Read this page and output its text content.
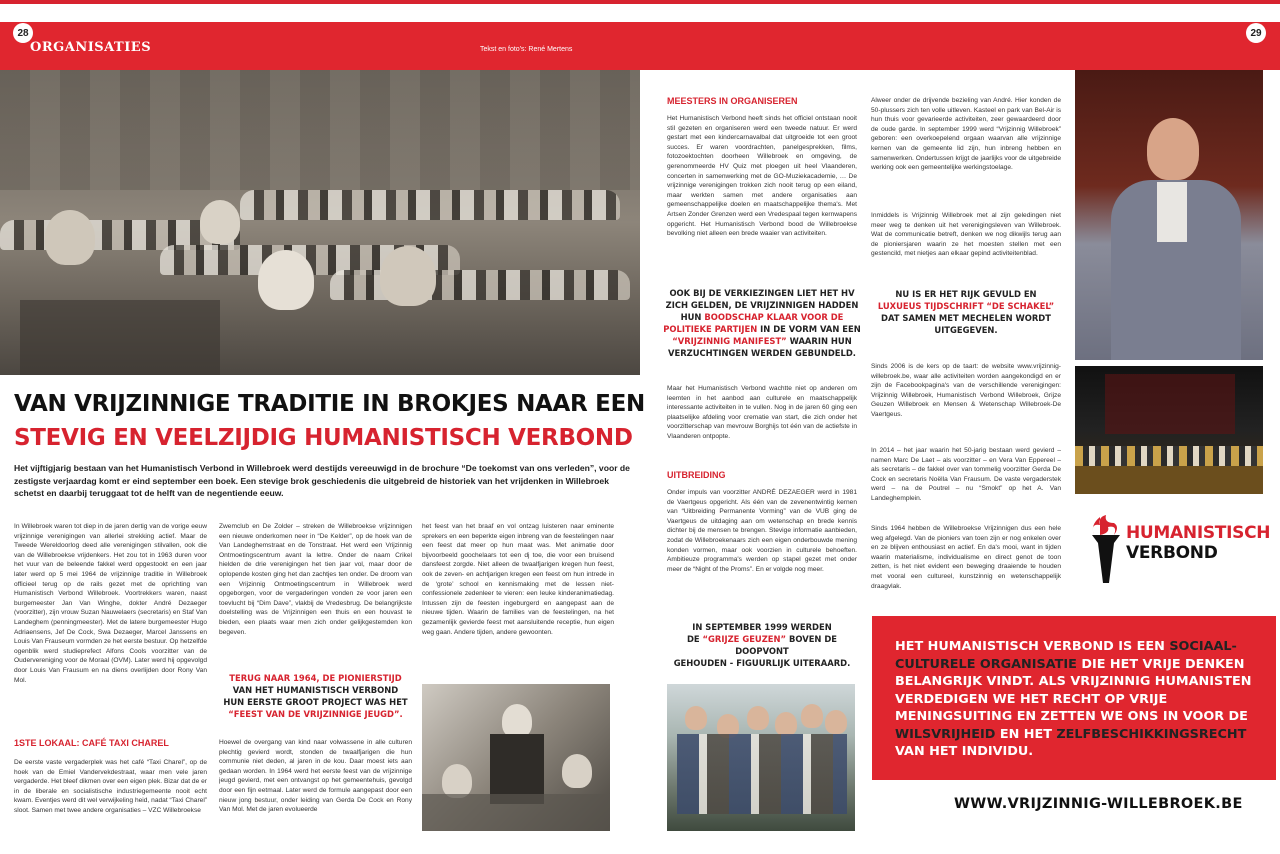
28	29
ORGANISATIES	Tekst en foto's: René Mertens
VAN VRIJZINNIGE TRADITIE IN BROKJES NAAR EEN
STEVIG EN VEELZIJDIG HUMANISTISCH VERBOND
Het vijftigjarig bestaan van het Humanistisch Verbond in Willebroek werd destijds vereeuwigd in de brochure “De toekomst van ons verleden”, voor de zestigste verjaardag komt er eind september een boek. Een stevige brok geschiedenis die uitgebreid de historiek van het vrijdenken in Willebroek schetst en daarbij teruggaat tot de helft van de negentiende eeuw.
In Willebroek waren tot diep in de jaren dertig van de vorige eeuw vrijzinnige verenigingen van allerlei strekking actief. Maar de Tweede Wereldoorlog deed alle verenigingen stilvallen, ook die van de Willebroekse vrijdenkers. Het zou tot in 1963 duren voor het vuur van de beleende fakkel werd opgestookt en een jaar later werd op 5 mei 1964 de vrijzinnige traditie in Willebroek officieel terug op de rails gezet met de oprichting van Humanistisch Verbond Willebroek. Voortrekkers waren, naast burgemeester Jan Van Winghe, dokter André Dezaeger (voorzitter), zijn vrouw Suzan Nauwelaers (secretaris) en Staf Van Landeghem (penningmeester). Met de latere burgemeester Hugo Adriaensens, Jef De Cock, Swa Dezaeger, Marcel Janssens en Louis Van Frauseum vormden ze het eerste bestuur. Op hetzelfde ogenblik werd studieprefect Alfons Cools voorzitter van de Oudervereniging voor de Moraal (OVM). Later werd hij opgevolgd door Louis Van Frausum en na diens overlijden door Rony Van Mol.
1STE LOKAAL: CAFÉ TAXI CHAREL
De eerste vaste vergaderplek was het café “Taxi Charel”, op de hoek van de Emiel Vandervekdestraat, waar men vele jaren vergaderde. Het bleef dikmen over een eigen plek. Bizar dat de er in de liberale en socialistische industriegemeente nooit echt kwam. Eventjes werd dit wel verwijkeling heid, nadat “Taxi Charel” sloot. Samen met twee andere organisaties – VZC Willebroekse
Zwemclub en De Zolder – streken de Willebroekse vrijzinnigen een nieuwe onderkomen neer in “De Kelder”, op de hoek van de Van Landeghemstraat en de Tonstraat. Het werd een Vrijzinnig Ontmoetingscentrum avant la lettre. Onder de naam Crikel hielden de drie verenigingen het tien jaar vol, maar door de oplopende kosten ging het dan zachtjes ten onder. De droom van een Vrijzinnig Ontmoetingscentrum in Willebroek werd opgeborgen, voor de vergaderingen vonden ze voor jaren een toevlucht bij “Dim Dave”, vlakbij de Vredesbrug. De belangrijkste doelstelling was de Vrijzinnigen een thuis en een houvast te bieden, een plaats waar men zich onder gelijkgestemden kon begeven.
TERUG NAAR 1964, DE PIONIERSTIJD
VAN HET HUMANISTISCH VERBOND
HUN EERSTE GROOT PROJECT WAS HET
“FEEST VAN DE VRIJZINNIGE JEUGD”.
Hoewel de overgang van kind naar volwassene in alle culturen plechtig gevierd wordt, stonden de twaalfjarigen die hun communie niet deden, al jaren in de kou. Daar moest iets aan gedaan worden. In 1964 werd het eerste feest van de vrijzinnige jeugd gevierd, met een ontvangst op het gemeentehuis, gevolgd door een fijn eetmaal. Later werd de formule aangepast door een nieuw jong bestuur, onder leiding van Gerda De Cock en Rony Van Mol. Met de jaren evolueerde
het feest van het braaf en vol ontzag luisteren naar eminente sprekers en een beperkte eigen inbreng van de feestelingen naar een feest dat meer op hun maat was. Met animatie door bijvoorbeeld goochelaars tot een dj toe, die voor een bruisend dansfeest zorgde. Niet alleen de twaalfjarigen kregen hun feest, ook de zeven- en achtjarigen kregen een feest om hun intrede in de ‘grote’ school en kennismaking met de lessen niet-confessionele zedenleer te vieren: een leuke kinderanimatiedag. Intussen zijn de feesten ingeburgerd en aangepast aan de nieuwe tijden. Waarin de families van de feestelingen, na het gezamenlijk gevierde feest met aansluitende receptie, hun eigen weg gaan. Andere tijden, andere gewoonten.
MEESTERS IN ORGANISEREN
Het Humanistisch Verbond heeft sinds het officiel ontstaan nooit stil gezeten en organiseren werd een tweede natuur. Er werd gestart met een kindercarnavalbal dat uitgroeide tot een groot succes. Er waren voordrachten, panelgesprekken, films, fotozoektochten doorheen Willebroek en omgeving, de gerenommeerde HV Quiz met ploegen uit heel Vlaanderen, concerten in samenwerking met de GO-Muziekacademie, … De vrijzinnige verenigingen trokken zich nooit terug op een eiland, maar werkten samen met andere organisaties aan gemeenschappelijke doelen en maatschappelijke thema's. Met Artsen Zonder Grenzen werd een Vredespaal tegen kernwapens opgericht. Het Humanistisch Verbond bood de Willebroekse bevolking niet alleen een brede waaier van activiteiten.
OOK BIJ DE VERKIEZINGEN LIET HET HV
ZICH GELDEN, DE VRIJZINNIGEN HADDEN
HUN BOODSCHAP KLAAR VOOR DE
POLITIEKE PARTIJEN IN DE VORM VAN EEN
“VRIJZINNIG MANIFEST” WAARIN HUN
VERZUCHTINGEN WERDEN GEBUNDELD.
Maar het Humanistisch Verbond wachtte niet op anderen om leemten in het aanbod aan culturele en maatschappelijk interessante activiteiten in te vullen. Nog in de jaren 60 ging een plaatselijke afdeling voor crematie van start, die zich onder het voorzitterschap van mevrouw Borghijs tot één van de actiefste in Vlaanderen ontpopte.
UITBREIDING
Onder impuls van voorzitter ANDRÉ DEZAEGER werd in 1981 de Vaertgeus opgericht. Als één van de zevenentwintig kernen van “Uitbreiding Permanente Vorming” van de VUB ging de Vaertgeus de uitdaging aan om wetenschap en brede kennis dichter bij de mensen te brengen. Stevige informatie aanbieden, zodat de Willebroekenaars zich een eigen onderbouwde mening konden vormen, maar ook voorzien in culturele behoeften. Ambitieuze programma's werden op stapel gezet met onder meer de “Night of the Proms”. En er volgde nog meer.
IN SEPTEMBER 1999 WERDEN
DE “GRIJZE GEUZEN” BOVEN DE DOOPVONT
GEHOUDEN - FIGUURLIJK UITERAARD.
Alweer onder de drijvende bezieling van André. Hier konden de 50-plussers zich ten volle uitleven. Kasteel en park van Bel-Air is hun thuis voor gevarieerde activiteiten, zeer gewaardeerd door de oude garde. In september 1999 werd “Vrijzinnig Willebroek” geboren: een overkoepelend orgaan waarvan alle vrijzinnige kernen van de gemeente lid zijn, hun inbreng hebben en samenwerken. Ondertussen krijgt de jaarlijks voor de uitgebreide werking ook een gemeentelijke werkingstoelage.
Inmiddels is Vrijzinnig Willebroek met al zijn geledingen niet meer weg te denken uit het verenigingsleven van Willebroek. Wat de communicatie betreft, denken we nog dikwijls terug aan de pioniersjaren waarin ze het moesten stellen met een gestencild, met nietjes aan elkaar gepind activiteitenblad.
NU IS ER HET RIJK GEVULD EN
LUXUEUS TIJDSCHRIFT “DE SCHAKEL”
DAT SAMEN MET MECHELEN WORDT
UITGEGEVEN.
Sinds 2006 is de kers op de taart: de website www.vrijzinnig-willebroek.be, waar alle activiteiten worden aangekondigd en er zijn de Facebookpagina's van de verschillende verenigingen: Vrijzinnig Willebroek, Humanistisch Verbond Willebroek, Grijze Geuzen Willebroek en Mensen & Wetenschap Willebroek-De Vaertgeus.
In 2014 – het jaar waarin het 50-jarig bestaan werd gevierd – namen Marc De Laet – als voorzitter – en Vera Van Eppereel – als secretaris – de fakkel over van tommelig voorzitter Gerda De Cock en secretaris Noëlla Van Frausum. De vaste vergaderstek werd – na de Poutrel – nu “Smokt” op het A. Van Landeghemplein.
Sinds 1964 hebben de Willebroekse Vrijzinnigen dus een hele weg afgelegd. Van de pioniers van toen zijn er nog enkelen over en ze blijven enthousiast en actief. En da's mooi, want in tijden waarin materialisme, individualisme en direct genot de toon zetten, is het niet evident een beweging draaiende te houden met vooral een cultureel, kunstzinnig en wetenschappelijk draagvlak.
HUMANISTISCH
VERBOND
HET HUMANISTISCH VERBOND IS EEN SOCIAAL-CULTURELE ORGANISATIE DIE HET VRIJE DENKEN BELANGRIJK VINDT. ALS VRIJZINNIG HUMANISTEN VERDEDIGEN WE HET RECHT OP VRIJE MENINGSUITING EN ZETTEN WE ONS IN VOOR DE WILSVRIJHEID EN HET ZELFBESCHIKKINGSRECHT VAN HET INDIVIDU.
WWW.VRIJZINNIG-WILLEBROEK.BE
